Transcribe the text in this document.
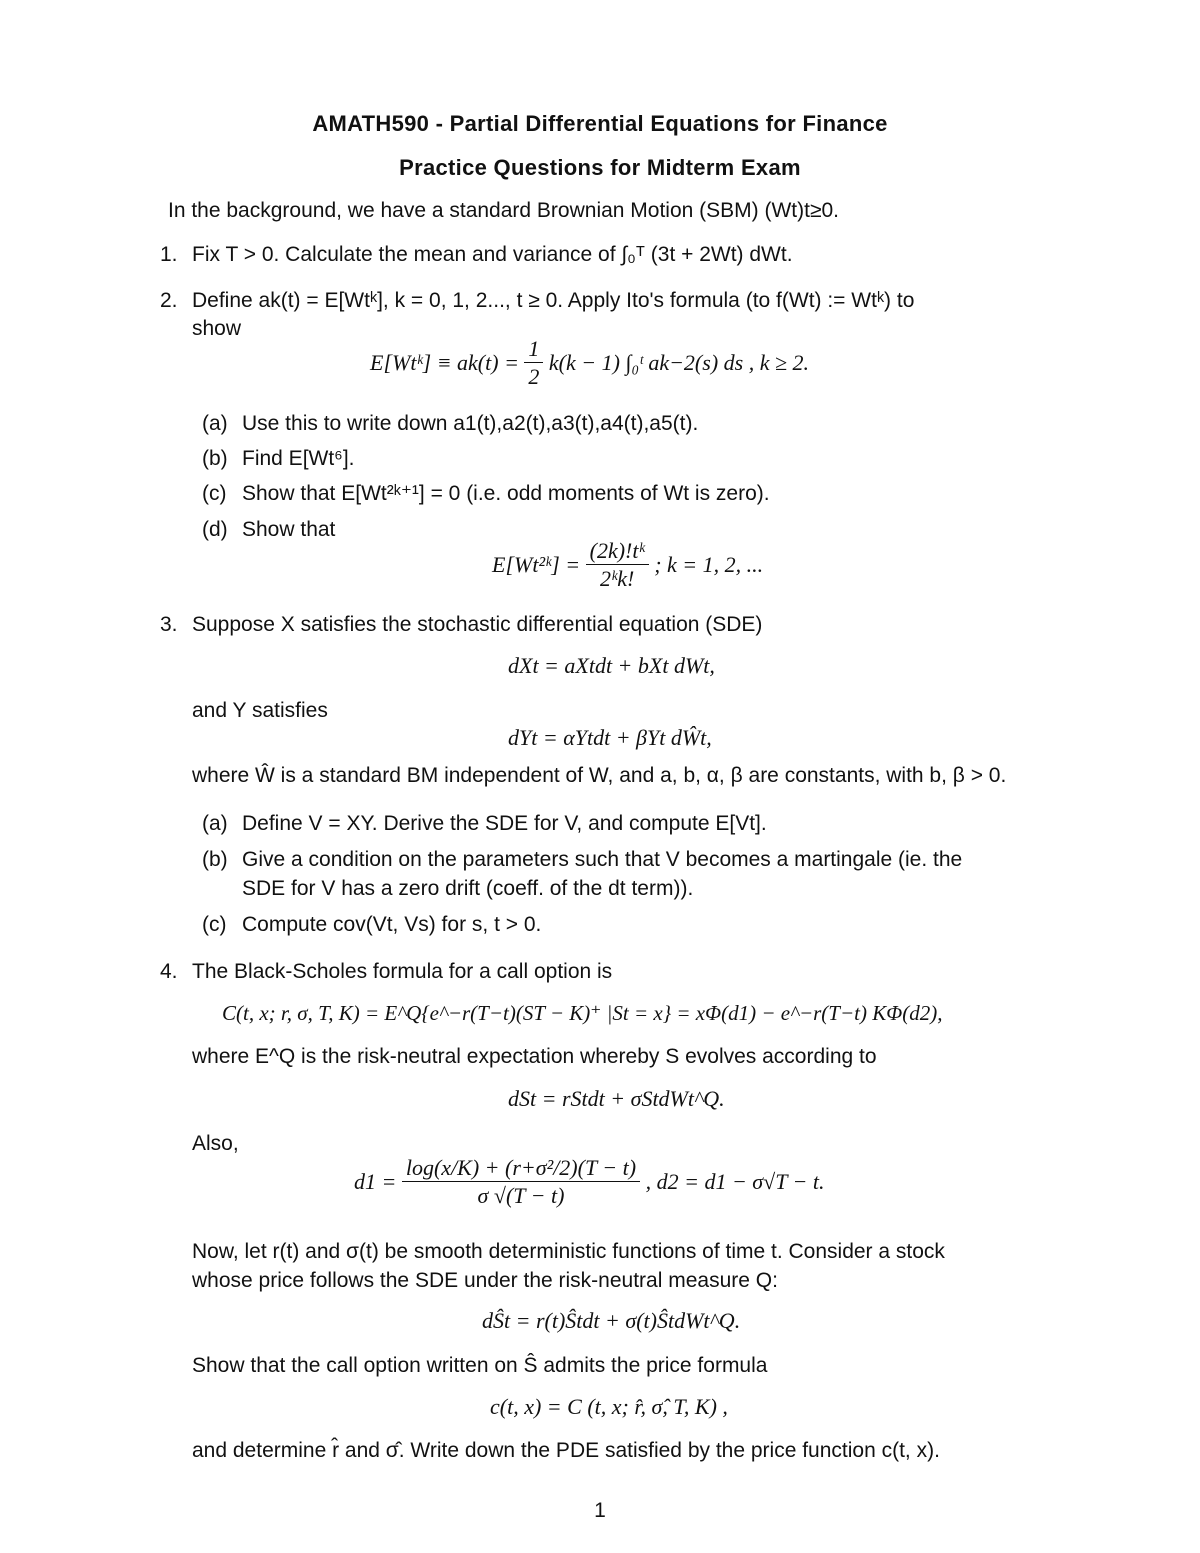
AMATH590 - Partial Differential Equations for Finance
Practice Questions for Midterm Exam
In the background, we have a standard Brownian Motion (SBM) (Wt)t≥0.
1. Fix T > 0. Calculate the mean and variance of ∫₀ᵀ (3t + 2Wt) dWt.
2. Define ak(t) = E[Wtᵏ], k = 0, 1, 2..., t ≥ 0. Apply Ito's formula (to f(Wt) := Wtᵏ) to
show
E[Wtᵏ] ≡ $ak(t) = \frac{1}{2} k(k - 1)$ ∫₀ᵗ ak−2(s) ds , k ≥ 2.
(a) Use this to write down a1(t),a2(t),a3(t),a4(t),a5(t).
(b) Find E[Wt⁶].
(c) Show that E[Wt²ᵏ⁺¹] = 0 (i.e. odd moments of Wt is zero).
(d) Show that
E[Wt²ᵏ] = $\frac{\text{(2k)!tᵏ}}{\text{2ᵏk!}}$ ; k = 1, 2, ...
3. Suppose X satisfies the stochastic differential equation (SDE)
dXt = aXtdt + bXt dWt,
and Y satisfies
dYt = αYtdt + βYt dŴt,
where Ŵ is a standard BM independent of W, and a, b, α, β are constants, with b, β > 0.
(a) Define V = XY. Derive the SDE for V, and compute E[Vt].
(b) Give a condition on the parameters such that V becomes a martingale (ie. the
SDE for V has a zero drift (coeff. of the dt term)).
(c) Compute cov(Vt, Vs) for s, t > 0.
4. The Black-Scholes formula for a call option is
C(t, x; r, σ, T, K) = E^Q{e^−r(T−t)(ST − K)⁺ |St = x} = xΦ(d1) − e^−r(T−t) KΦ(d2),
where E^Q is the risk-neutral expectation whereby S evolves according to
dSt = rStdt + σStdWt^Q.
Also,
$d1 = \frac{\text{log(x/K) + (r+σ²/2)(T − t)}}{\sigma √(T - t)}$ , d2 = d1 − σ√T − t.
Now, let r(t) and σ(t) be smooth deterministic functions of time t. Consider a stock
whose price follows the SDE under the risk-neutral measure Q:
dŜt = r(t)Ŝtdt + σ(t)ŜtdWt^Q.
Show that the call option written on Ŝ admits the price formula
c(t, x) = C (t, x; r̂, σ̂, T, K) ,
and determine r̂ and σ̂. Write down the PDE satisfied by the price function c(t, x).
1
